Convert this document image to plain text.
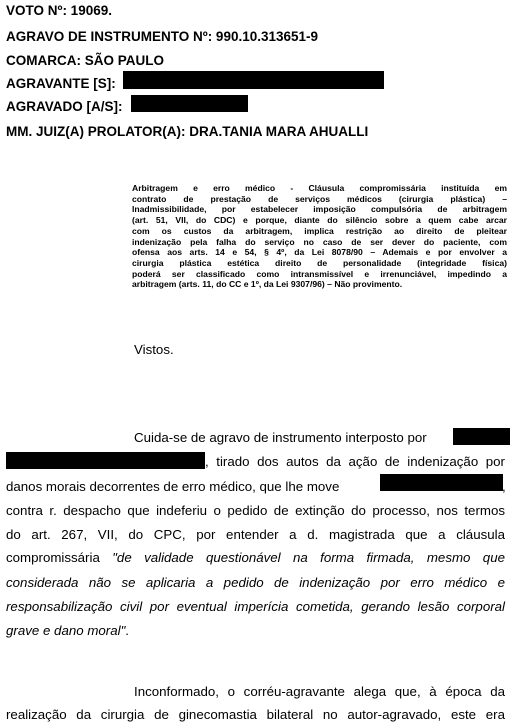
VOTO Nº: 19069.
AGRAVO DE INSTRUMENTO Nº: 990.10.313651-9
COMARCA: SÃO PAULO
AGRAVANTE [S]:
AGRAVADO [A/S]:
MM. JUIZ(A) PROLATOR(A): DRA.TANIA MARA AHUALLI
Arbitragem e erro médico - Cláusula compromissária instituída em
contrato de prestação de serviços médicos (cirurgia plástica) –
Inadmissibilidade, por estabelecer imposição compulsória de arbitragem
(art. 51, VII, do CDC) e porque, diante do silêncio sobre a quem cabe arcar
com os custos da arbitragem, implica restrição ao direito de pleitear
indenização pela falha do serviço no caso de ser dever do paciente, com
ofensa aos arts. 14 e 54, § 4º, da Lei 8078/90 – Ademais e por envolver a
cirurgia plástica estética direito de personalidade (integridade física)
poderá ser classificado como intransmissível e irrenunciável, impedindo a
arbitragem (arts. 11, do CC e 1º, da Lei 9307/96) – Não provimento.
Vistos.
Cuida-se de agravo de instrumento interposto por
, tirado dos autos da ação de indenização por
danos morais decorrentes de erro médico, que lhe move	,
contra r. despacho que indeferiu o pedido de extinção do processo, nos termos
do art. 267, VII, do CPC, por entender a d. magistrada que a cláusula
compromissária "de validade questionável na forma firmada, mesmo que
considerada não se aplicaria a pedido de indenização por erro médico e
responsabilização civil por eventual imperícia cometida, gerando lesão corporal
grave e dano moral".
Inconformado, o corréu-agravante alega que, à época da
realização da cirurgia de ginecomastia bilateral no autor-agravado, este era
